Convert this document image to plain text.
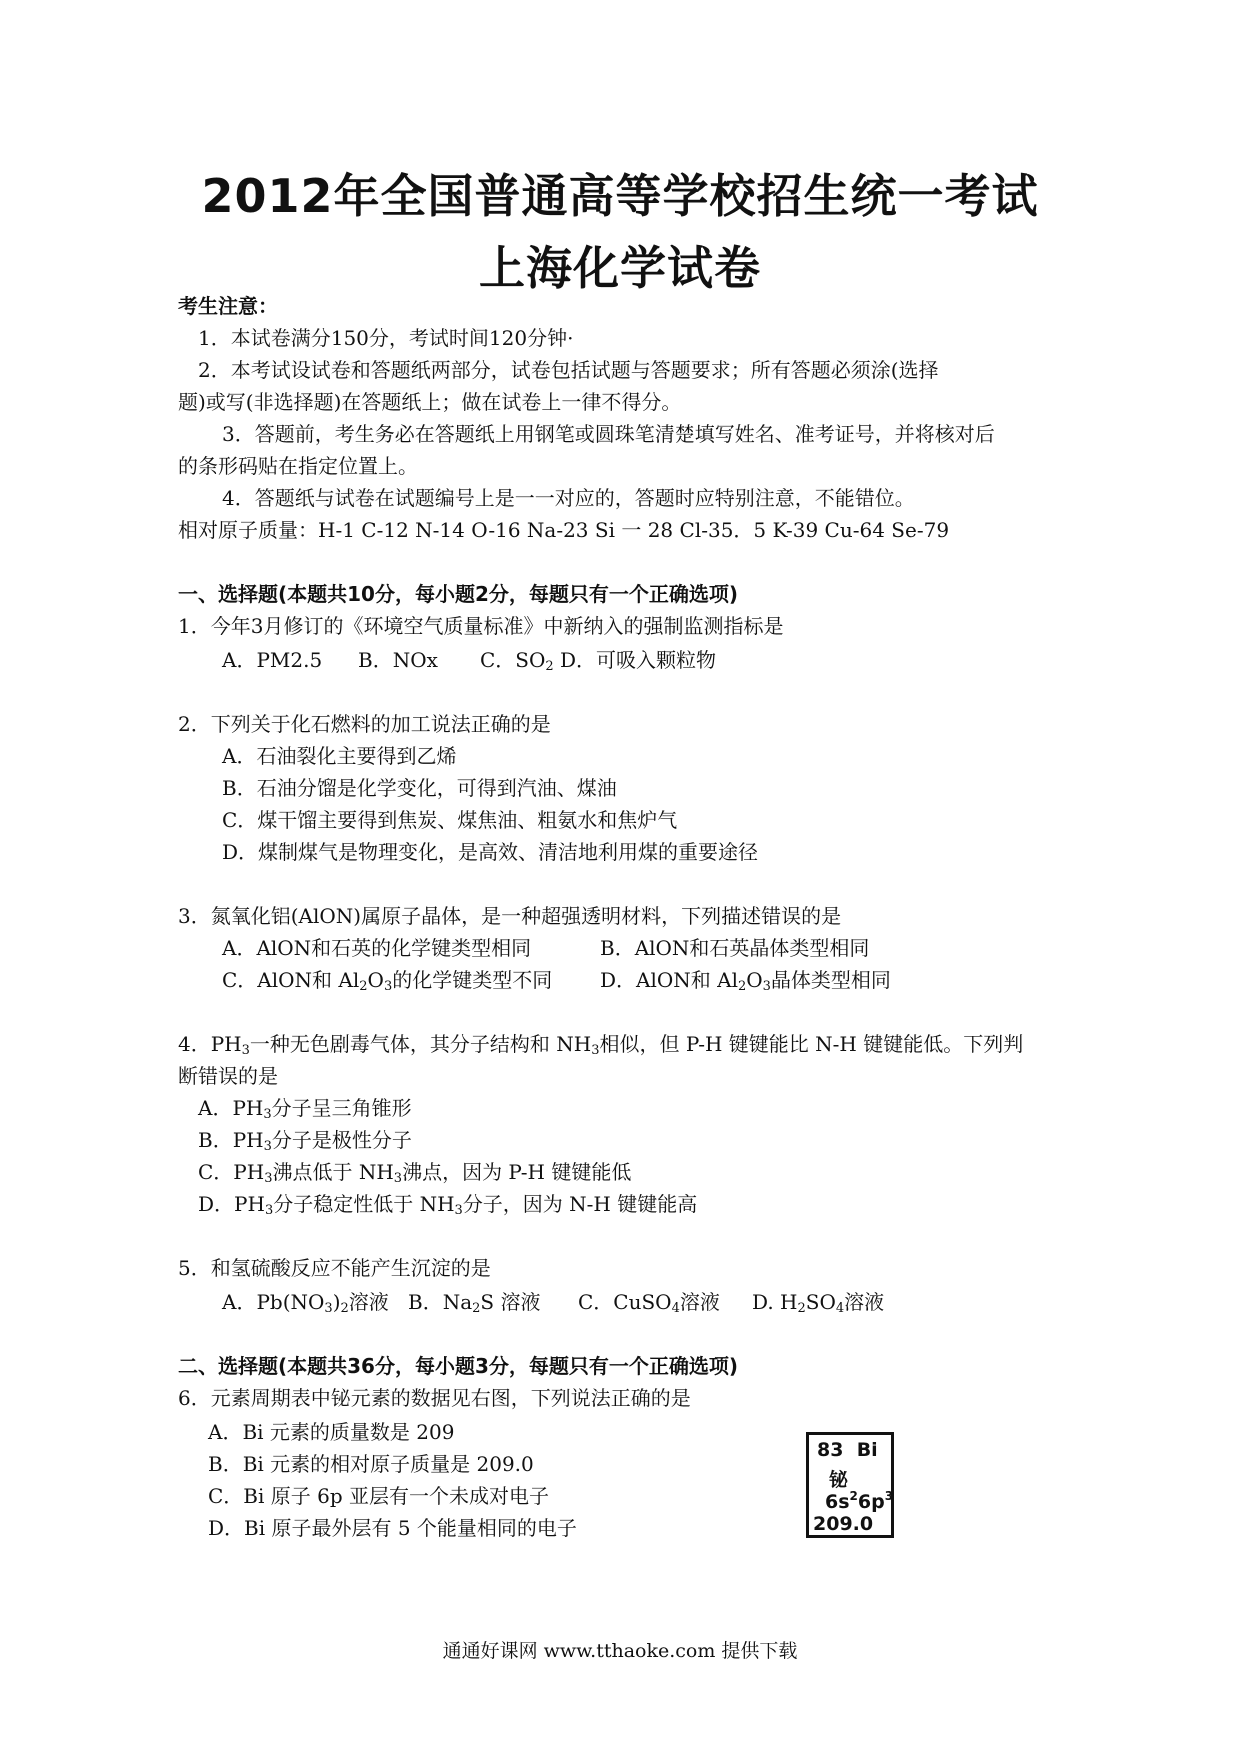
2012年全国普通高等学校招生统一考试
上海化学试卷
考生注意：
1．本试卷满分150分，考试时间120分钟·
2．本考试设试卷和答题纸两部分，试卷包括试题与答题要求；所有答题必须涂(选择
题)或写(非选择题)在答题纸上；做在试卷上一律不得分。
3．答题前，考生务必在答题纸上用钢笔或圆珠笔清楚填写姓名、准考证号，并将核对后
的条形码贴在指定位置上。
4．答题纸与试卷在试题编号上是一一对应的，答题时应特别注意，不能错位。
相对原子质量：H-1 C-12 N-14 O-16 Na-23 Si 一 28 Cl-35．5 K-39 Cu-64 Se-79
一、选择题(本题共10分，每小题2分，每题只有一个正确选项)
1．今年3月修订的《环境空气质量标准》中新纳入的强制监测指标是
A．PM2.5 B．NOx C．$SO_2$ D．可吸入颗粒物
2．下列关于化石燃料的加工说法正确的是
A．石油裂化主要得到乙烯
B．石油分馏是化学变化，可得到汽油、煤油
C．煤干馏主要得到焦炭、煤焦油、粗氨水和焦炉气
D．煤制煤气是物理变化，是高效、清洁地利用煤的重要途径
3．氮氧化铝(AlON)属原子晶体，是一种超强透明材料，下列描述错误的是
A．AlON和石英的化学键类型相同	B．AlON和石英晶体类型相同
C．AlON和 $Al_2O_3$的化学键类型不同 D．AlON和 $Al_2O_3$晶体类型相同
4．$PH_3$一种无色剧毒气体，其分子结构和 $NH_3$相似，但 P-H 键键能比 N-H 键键能低。下列判
断错误的是
A．$PH_3$分子呈三角锥形
B．$PH_3$分子是极性分子
C．$PH_3$沸点低于 $NH_3$沸点，因为 P-H 键键能低
D．$PH_3$分子稳定性低于 $NH_3$分子，因为 N-H 键键能高
5．和氢硫酸反应不能产生沉淀的是
A．$Pb(NO_3)_2$溶液 B．$Na_2S$ 溶液 C．CuSO$_4$溶液 D. $H_2SO_4$溶液
二、选择题(本题共36分，每小题3分，每题只有一个正确选项)
6．元素周期表中铋元素的数据见右图，下列说法正确的是
A．Bi 元素的质量数是 209
B．Bi 元素的相对原子质量是 209.0
C．Bi 原子 6p 亚层有一个未成对电子
D．Bi 原子最外层有 5 个能量相同的电子
83 Bi
铋
$6s^26p^3$
209.0
通通好课网 www.tthaoke.com 提供下载
